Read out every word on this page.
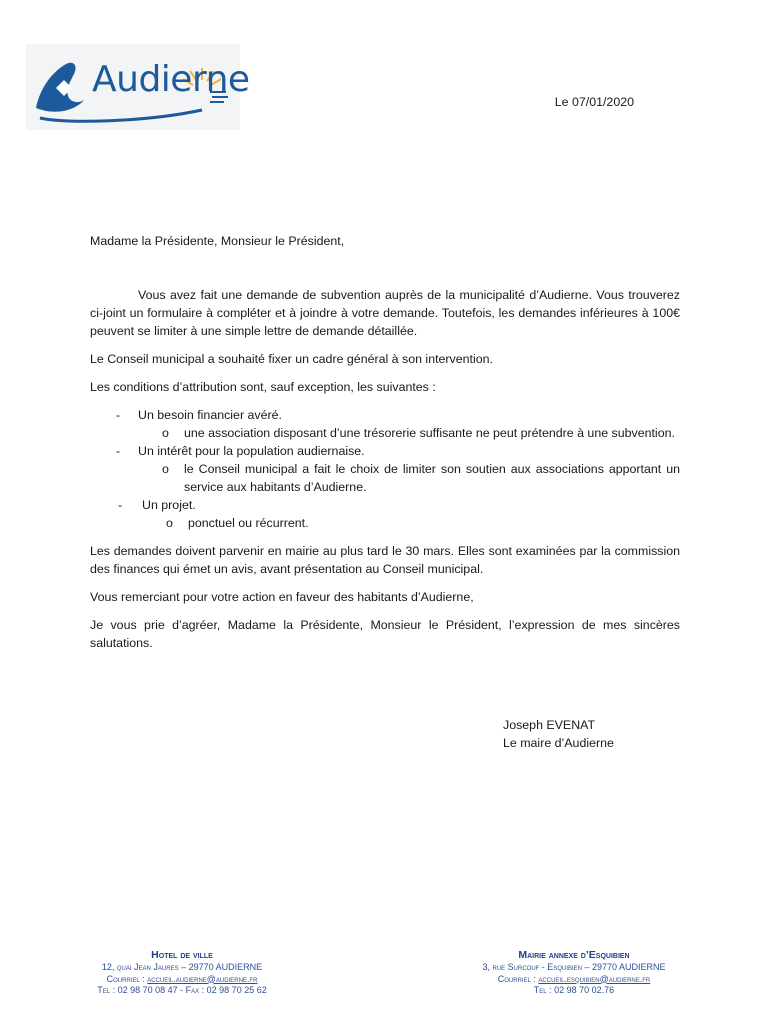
Audierne
Le 07/01/2020

Madame la Présidente, Monsieur le Président,

Vous avez fait une demande de subvention auprès de la municipalité d’Audierne. Vous trouverez ci-joint un formulaire à compléter et à joindre à votre demande. Toutefois, les demandes inférieures à 100€ peuvent se limiter à une simple lettre de demande détaillée.

Le Conseil municipal a souhaité fixer un cadre général à son intervention.

Les conditions d’attribution sont, sauf exception, les suivantes :

- Un besoin financier avéré.
o une association disposant d’une trésorerie suffisante ne peut prétendre à une subvention.
- Un intérêt pour la population audiernaise.
o le Conseil municipal a fait le choix de limiter son soutien aux associations apportant un service aux habitants d’Audierne.
- Un projet.
o ponctuel ou récurrent.

Les demandes doivent parvenir en mairie au plus tard le 30 mars. Elles sont examinées par la commission des finances qui émet un avis, avant présentation au Conseil municipal.

Vous remerciant pour votre action en faveur des habitants d’Audierne,

Je vous prie d’agréer, Madame la Présidente, Monsieur le Président, l’expression de mes sincères salutations.

Joseph EVENAT
Le maire d’Audierne
Hotel de ville
12, quai Jean Jaures – 29770 AUDIERNE
Courriel : accueil.audierne@audierne.fr
Tel : 02 98 70 08 47 - Fax : 02 98 70 25 62
Mairie annexe d’Esquibien
3, rue Surcouf - Esquibien – 29770 AUDIERNE
Courriel : accueil.esquibien@audierne.fr
Tel : 02 98 70 02.76
